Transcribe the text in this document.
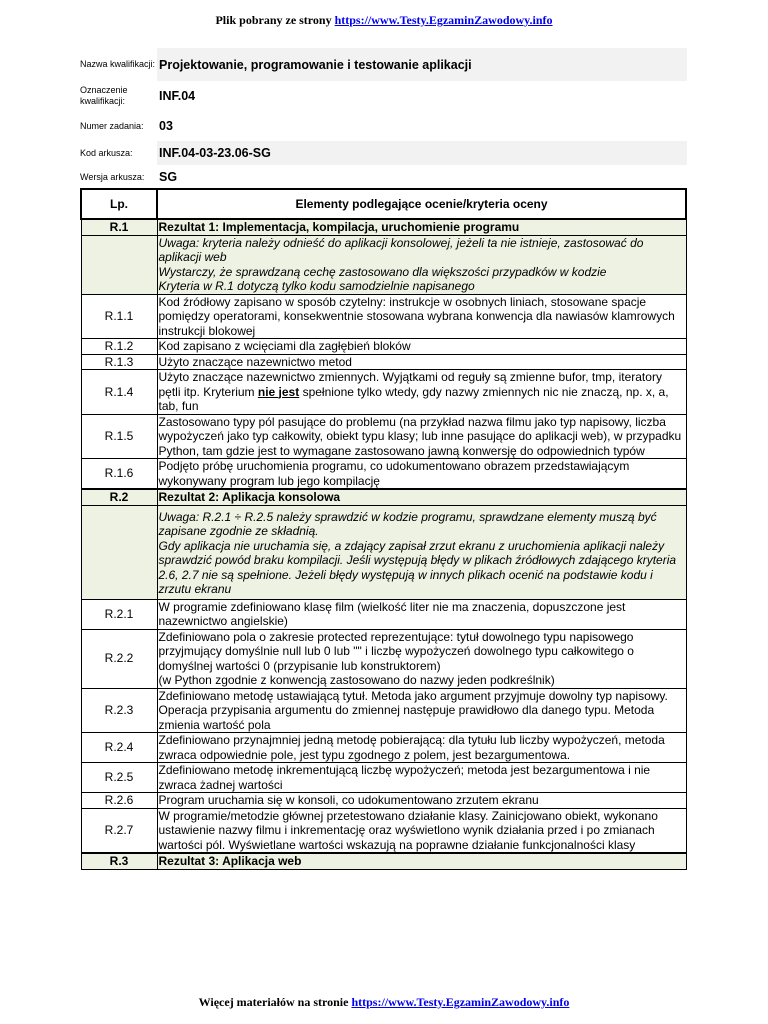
Plik pobrany ze strony https://www.Testy.EgzaminZawodowy.info
Nazwa kwalifikacji: Projektowanie, programowanie i testowanie aplikacji
Oznaczenie kwalifikacji:	INF.04
Numer zadania:	03
Kod arkusza:	INF.04-03-23.06-SG
Wersja arkusza:	SG
Lp.	Elementy podlegające ocenie/kryteria oceny
R.1	Rezultat 1: Implementacja, kompilacja, uruchomienie programu
	Uwaga: kryteria należy odnieść do aplikacji konsolowej, jeżeli ta nie istnieje, zastosować do aplikacji web
Wystarczy, że sprawdzaną cechę zastosowano dla większości przypadków w kodzie
Kryteria w R.1 dotyczą tylko kodu samodzielnie napisanego
R.1.1	Kod źródłowy zapisano w sposób czytelny: instrukcje w osobnych liniach, stosowane spacje pomiędzy operatorami, konsekwentnie stosowana wybrana konwencja dla nawiasów klamrowych instrukcji blokowej
R.1.2	Kod zapisano z wcięciami dla zagłębień bloków
R.1.3	Użyto znaczące nazewnictwo metod
R.1.4	Użyto znaczące nazewnictwo zmiennych. Wyjątkami od reguły są zmienne bufor, tmp, iteratory pętli itp. Kryterium nie jest spełnione tylko wtedy, gdy nazwy zmiennych nic nie znaczą, np. x, a, tab, fun
R.1.5	Zastosowano typy pól pasujące do problemu (na przykład nazwa filmu jako typ napisowy, liczba wypożyczeń jako typ całkowity, obiekt typu klasy; lub inne pasujące do aplikacji web), w przypadku Python, tam gdzie jest to wymagane zastosowano jawną konwersję do odpowiednich typów
R.1.6	Podjęto próbę uruchomienia programu, co udokumentowano obrazem przedstawiającym wykonywany program lub jego kompilację
R.2	Rezultat 2: Aplikacja konsolowa
	Uwaga: R.2.1 ÷ R.2.5 należy sprawdzić w kodzie programu, sprawdzane elementy muszą być zapisane zgodnie ze składnią.
Gdy aplikacja nie uruchamia się, a zdający zapisał zrzut ekranu z uruchomienia aplikacji należy sprawdzić powód braku kompilacji. Jeśli występują błędy w plikach źródłowych zdającego kryteria 2.6, 2.7 nie są spełnione. Jeżeli błędy występują w innych plikach ocenić na podstawie kodu i zrzutu ekranu
R.2.1	W programie zdefiniowano klasę film (wielkość liter nie ma znaczenia, dopuszczone jest nazewnictwo angielskie)
R.2.2	Zdefiniowano pola o zakresie protected reprezentujące: tytuł dowolnego typu napisowego przyjmujący domyślnie null lub 0 lub "" i liczbę wypożyczeń dowolnego typu całkowitego o domyślnej wartości 0 (przypisanie lub konstruktorem)
(w Python zgodnie z konwencją zastosowano do nazwy jeden podkreślnik)
R.2.3	Zdefiniowano metodę ustawiającą tytuł. Metoda jako argument przyjmuje dowolny typ napisowy. Operacja przypisania argumentu do zmiennej następuje prawidłowo dla danego typu. Metoda zmienia wartość pola
R.2.4	Zdefiniowano przynajmniej jedną metodę pobierającą: dla tytułu lub liczby wypożyczeń, metoda zwraca odpowiednie pole, jest typu zgodnego z polem, jest bezargumentowa.
R.2.5	Zdefiniowano metodę inkrementującą liczbę wypożyczeń; metoda jest bezargumentowa i nie zwraca żadnej wartości
R.2.6	Program uruchamia się w konsoli, co udokumentowano zrzutem ekranu
R.2.7	W programie/metodzie głównej przetestowano działanie klasy. Zainicjowano obiekt, wykonano ustawienie nazwy filmu i inkrementację oraz wyświetlono wynik działania przed i po zmianach wartości pól. Wyświetlane wartości wskazują na poprawne działanie funkcjonalności klasy
R.3	Rezultat 3: Aplikacja web
Więcej materiałów na stronie https://www.Testy.EgzaminZawodowy.info
